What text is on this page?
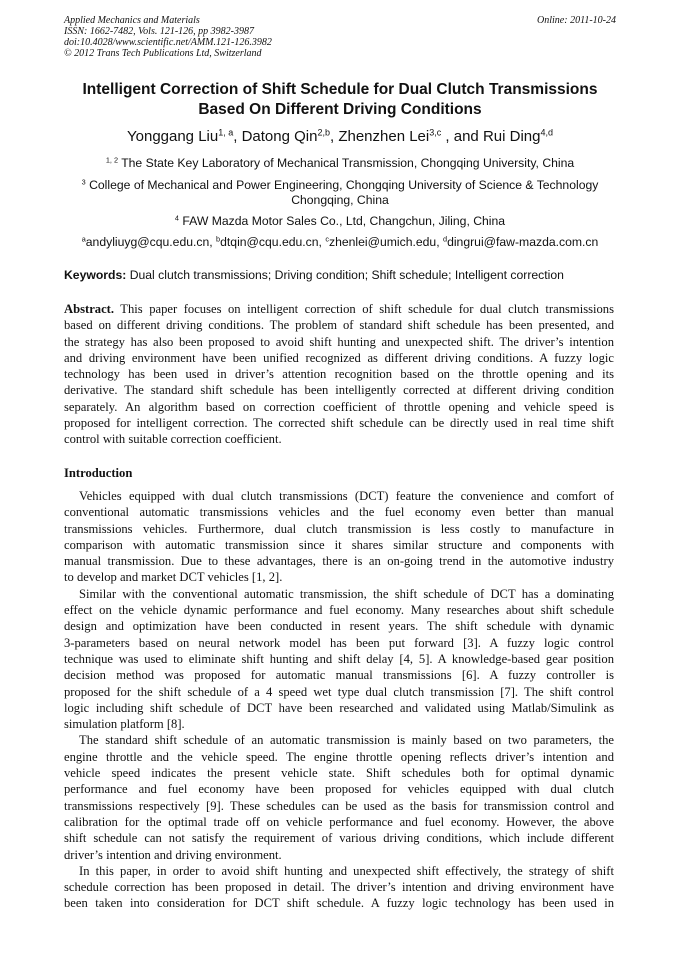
Applied Mechanics and Materials
ISSN: 1662-7482, Vols. 121-126, pp 3982-3987
doi:10.4028/www.scientific.net/AMM.121-126.3982
© 2012 Trans Tech Publications Ltd, Switzerland
Online: 2011-10-24
Intelligent Correction of Shift Schedule for Dual Clutch Transmissions
Based On Different Driving Conditions
Yonggang Liu$^{1, a}$, Datong Qin$^{2,b}$, Zhenzhen Lei$^{3,c}$ , and Rui Ding$^{4,d}$
$^{1, 2}$ The State Key Laboratory of Mechanical Transmission, Chongqing University, China
$^3$ College of Mechanical and Power Engineering, Chongqing University of Science & Technology
Chongqing, China
$^4$ FAW Mazda Motor Sales Co., Ltd, Changchun, Jiling, China
$^a$andyliuyg@cqu.edu.cn, $^b$dtqin@cqu.edu.cn, $^c$zhenlei@umich.edu, $^d$dingrui@faw-mazda.com.cn
Keywords: Dual clutch transmissions; Driving condition; Shift schedule; Intelligent correction
Abstract. This paper focuses on intelligent correction of shift schedule for dual clutch transmissions
based on different driving conditions. The problem of standard shift schedule has been presented, and
the strategy has also been proposed to avoid shift hunting and unexpected shift. The driver’s intention
and driving environment have been unified recognized as different driving conditions. A fuzzy logic
technology has been used in driver’s attention recognition based on the throttle opening and its
derivative. The standard shift schedule has been intelligently corrected at different driving condition
separately. An algorithm based on correction coefficient of throttle opening and vehicle speed is
proposed for intelligent correction. The corrected shift schedule can be directly used in real time shift
control with suitable correction coefficient.
Introduction
Vehicles equipped with dual clutch transmissions (DCT) feature the convenience and comfort of
conventional automatic transmissions vehicles and the fuel economy even better than manual
transmissions vehicles. Furthermore, dual clutch transmission is less costly to manufacture in
comparison with automatic transmission since it shares similar structure and components with
manual transmission. Due to these advantages, there is an on-going trend in the automotive industry
to develop and market DCT vehicles [1, 2].
Similar with the conventional automatic transmission, the shift schedule of DCT has a dominating
effect on the vehicle dynamic performance and fuel economy. Many researches about shift schedule
design and optimization have been conducted in resent years. The shift schedule with dynamic
3-parameters based on neural network model has been put forward [3]. A fuzzy logic control
technique was used to eliminate shift hunting and shift delay [4, 5]. A knowledge-based gear position
decision method was proposed for automatic manual transmissions [6]. A fuzzy controller is
proposed for the shift schedule of a 4 speed wet type dual clutch transmission [7]. The shift control
logic including shift schedule of DCT have been researched and validated using Matlab/Simulink as
simulation platform [8].
The standard shift schedule of an automatic transmission is mainly based on two parameters, the
engine throttle and the vehicle speed. The engine throttle opening reflects driver’s intention and
vehicle speed indicates the present vehicle state. Shift schedules both for optimal dynamic
performance and fuel economy have been proposed for vehicles equipped with dual clutch
transmissions respectively [9]. These schedules can be used as the basis for transmission control and
calibration for the optimal trade off on vehicle performance and fuel economy. However, the above
shift schedule can not satisfy the requirement of various driving conditions, which include different
driver’s intention and driving environment.
In this paper, in order to avoid shift hunting and unexpected shift effectively, the strategy of shift
schedule correction has been proposed in detail. The driver’s intention and driving environment have
been taken into consideration for DCT shift schedule. A fuzzy logic technology has been used in
